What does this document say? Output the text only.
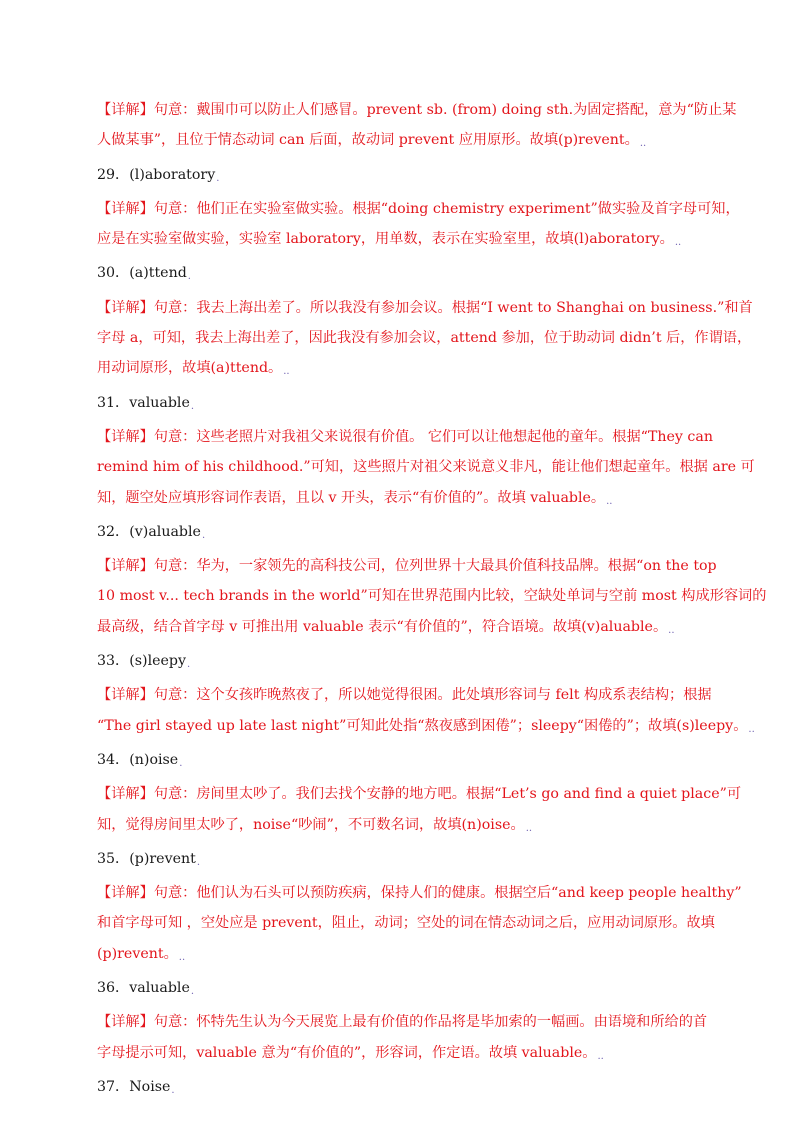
【详解】句意：戴围巾可以防止人们感冒。prevent sb. (from) doing sth.为固定搭配，意为“防止某
人做某事”，且位于情态动词 can 后面，故动词 prevent 应用原形。故填(p)revent。..
29．(l)aboratory.
【详解】句意：他们正在实验室做实验。根据“doing chemistry experiment”做实验及首字母可知，
应是在实验室做实验，实验室 laboratory，用单数，表示在实验室里，故填(l)aboratory。..
30．(a)ttend.
【详解】句意：我去上海出差了。所以我没有参加会议。根据“I went to Shanghai on business.”和首
字母 a，可知，我去上海出差了，因此我没有参加会议，attend 参加，位于助动词 didn’t 后，作谓语，
用动词原形，故填(a)ttend。..
31．valuable.
【详解】句意：这些老照片对我祖父来说很有价值。 它们可以让他想起他的童年。根据“They can
remind him of his childhood.”可知，这些照片对祖父来说意义非凡，能让他们想起童年。根据 are 可
知，题空处应填形容词作表语，且以 v 开头，表示“有价值的”。故填 valuable。..
32．(v)aluable.
【详解】句意：华为，一家领先的高科技公司，位列世界十大最具价值科技品牌。根据“on the top
10 most v... tech brands in the world”可知在世界范围内比较，空缺处单词与空前 most 构成形容词的
最高级，结合首字母 v 可推出用 valuable 表示“有价值的”，符合语境。故填(v)aluable。..
33．(s)leepy.
【详解】句意：这个女孩昨晚熬夜了，所以她觉得很困。此处填形容词与 felt 构成系表结构；根据
“The girl stayed up late last night”可知此处指“熬夜感到困倦”；sleepy“困倦的”；故填(s)leepy。..
34．(n)oise.
【详解】句意：房间里太吵了。我们去找个安静的地方吧。根据“Let’s go and find a quiet place”可
知，觉得房间里太吵了，noise“吵闹”，不可数名词，故填(n)oise。..
35．(p)revent.
【详解】句意：他们认为石头可以预防疾病，保持人们的健康。根据空后“and keep people healthy”
和首字母可知 ，空处应是 prevent，阻止，动词；空处的词在情态动词之后，应用动词原形。故填
(p)revent。..
36．valuable.
【详解】句意：怀特先生认为今天展览上最有价值的作品将是毕加索的一幅画。由语境和所给的首
字母提示可知，valuable 意为“有价值的”，形容词，作定语。故填 valuable。..
37．Noise.
